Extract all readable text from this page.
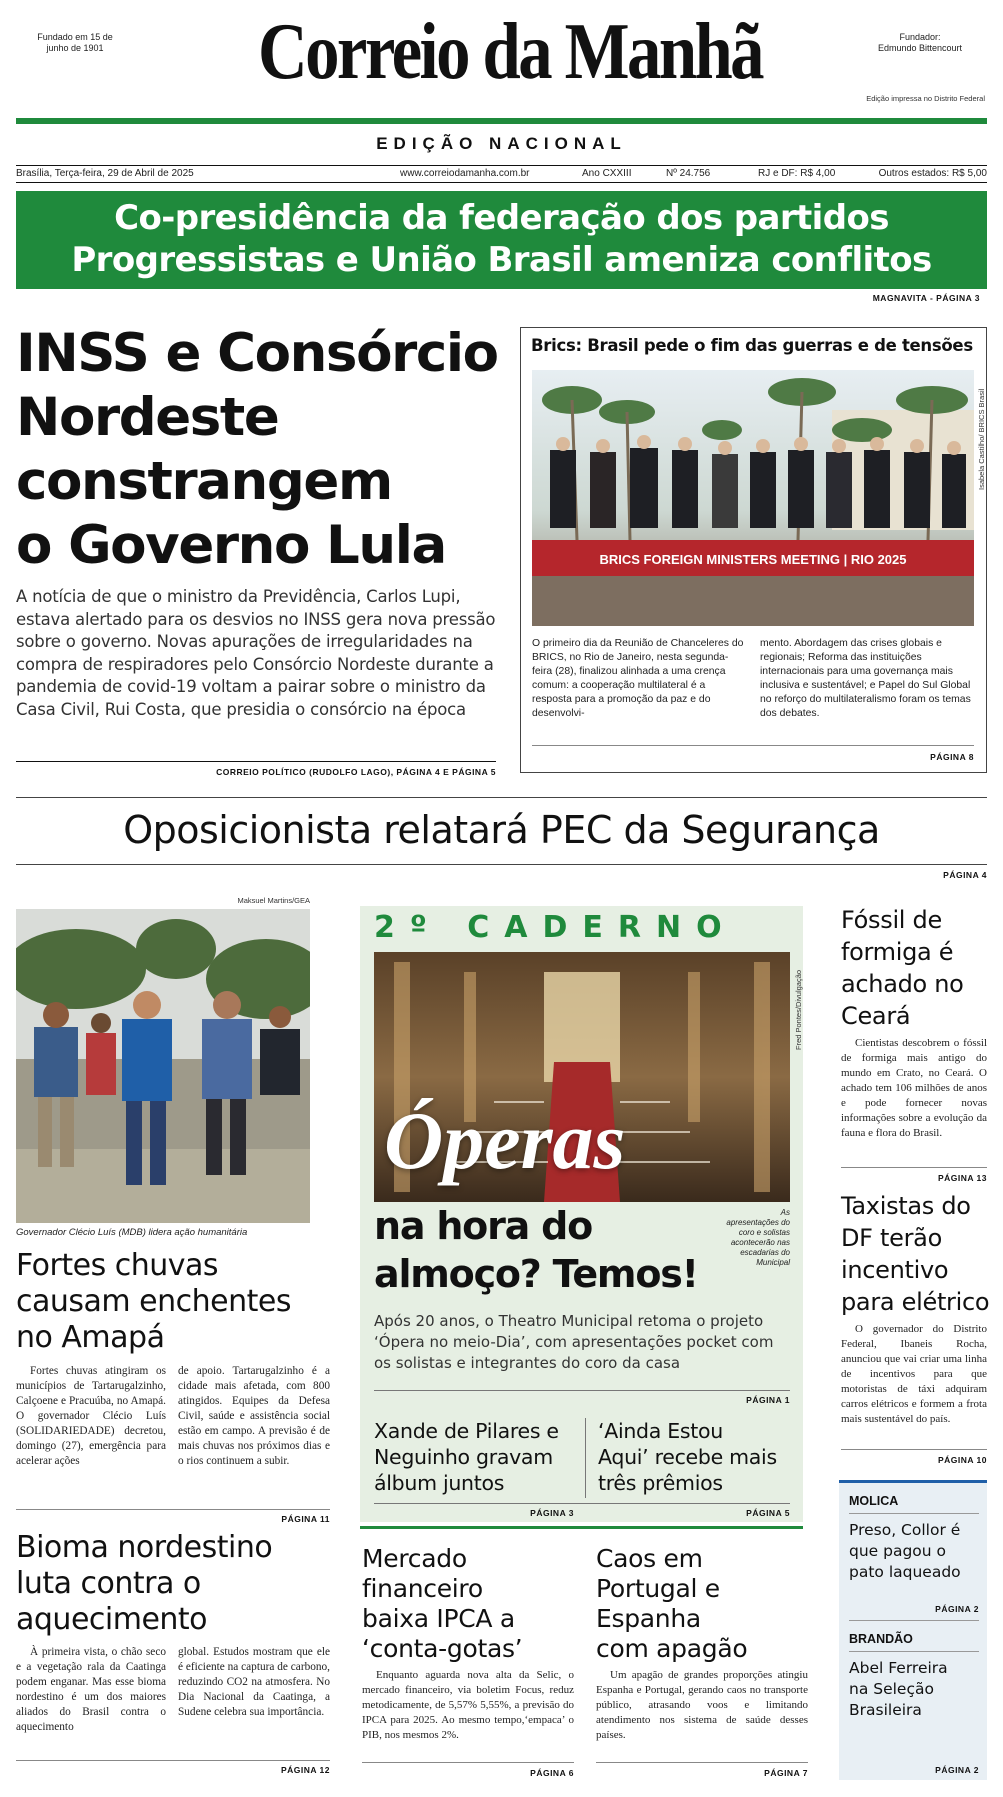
Fundado em 15 de junho de 1901	Correio da Manhã	Fundador:
Edmundo Bittencourt
Edição impressa no Distrito Federal
EDIÇÃO NACIONAL
Brasília, Terça-feira, 29 de Abril de 2025	www.correiodamanha.com.br	Ano CXXIII	Nº 24.756	RJ e DF: R$ 4,00	Outros estados: R$ 5,00
Co-presidência da federação dos partidos
Progressistas e União Brasil ameniza conflitos
MAGNAVITA - PÁGINA 3
INSS e Consórcio
Nordeste
constrangem
o Governo Lula
A notícia de que o ministro da Previdência, Carlos Lupi, estava alertado para os desvios no INSS gera nova pressão sobre o governo. Novas apurações de irregularidades na compra de respiradores pelo Consórcio Nordeste durante a pandemia de covid-19 voltam a pairar sobre o ministro da Casa Civil, Rui Costa, que presidia o consórcio na época
CORREIO POLÍTICO (RUDOLFO LAGO), PÁGINA 4 E PÁGINA 5
Brics: Brasil pede o fim das guerras e de tensões
BRICS FOREIGN MINISTERS MEETING | RIO 2025
Isabela Castilho/ BRICS Brasil
O primeiro dia da Reunião de Chanceleres do BRICS, no Rio de Janeiro, nesta segunda-feira (28), finalizou alinhada a uma crença comum: a cooperação multilateral é a resposta para a promoção da paz e do desenvolvi-
mento. Abordagem das crises globais e regionais; Reforma das instituições internacionais para uma governança mais inclusiva e sustentável; e Papel do Sul Global no reforço do multilateralismo foram os temas dos debates.
PÁGINA 8
Oposicionista relatará PEC da Segurança
PÁGINA 4
Maksuel Martins/GEA
Governador Clécio Luís (MDB) lidera ação humanitária
Fortes chuvas
causam enchentes
no Amapá
Fortes chuvas atingiram os municípios de Tartarugalzinho, Calçoene e Pracuúba, no Amapá. O governador Clécio Luís (SOLIDARIEDADE) decretou, domingo (27), emergência para acelerar ações
de apoio. Tartarugalzinho é a cidade mais afetada, com 800 atingidos. Equipes da Defesa Civil, saúde e assistência social estão em campo. A previsão é de mais chuvas nos próximos dias e o rios continuem a subir.
PÁGINA 11
Bioma nordestino
luta contra o
aquecimento
À primeira vista, o chão seco e a vegetação rala da Caatinga podem enganar. Mas esse bioma nordestino é um dos maiores aliados do Brasil contra o aquecimento
global. Estudos mostram que ele é eficiente na captura de carbono, reduzindo CO2 na atmosfera. No Dia Nacional da Caatinga, a Sudene celebra sua importância.
PÁGINA 12
2º CADERNO
Óperas
Fred Pontes/Divulgação
na hora do
almoço? Temos!
As apresentações do coro e solistas acontecerão nas escadarias do Municipal
Após 20 anos, o Theatro Municipal retoma o projeto ‘Ópera no meio-Dia’, com apresentações pocket com os solistas e integrantes do coro da casa
PÁGINA 1
Xande de Pilares e
Neguinho gravam
álbum juntos
‘Ainda Estou
Aqui’ recebe mais
três prêmios
PÁGINA 3	PÁGINA 5
Mercado
financeiro
baixa IPCA a
‘conta-gotas’
Enquanto aguarda nova alta da Selic, o mercado financeiro, via boletim Focus, reduz metodicamente, de 5,57% 5,55%, a previsão do IPCA para 2025. Ao mesmo tempo,‘empaca’ o PIB, nos mesmos 2%.
PÁGINA 6
Caos em
Portugal e
Espanha
com apagão
Um apagão de grandes proporções atingiu Espanha e Portugal, gerando caos no transporte público, atrasando voos e limitando atendimento nos sistema de saúde desses países.
PÁGINA 7
Fóssil de
formiga é
achado no
Ceará
Cientistas descobrem o fóssil de formiga mais antigo do mundo em Crato, no Ceará. O achado tem 106 milhões de anos e pode fornecer novas informações sobre a evolução da fauna e flora do Brasil.
PÁGINA 13
Taxistas do
DF terão
incentivo
para elétrico
O governador do Distrito Federal, Ibaneis Rocha, anunciou que vai criar uma linha de incentivos para que motoristas de táxi adquiram carros elétricos e formem a frota mais sustentável do país.
PÁGINA 10
MOLICA
Preso, Collor é
que pagou o
pato laqueado
PÁGINA 2
BRANDÃO
Abel Ferreira
na Seleção
Brasileira
PÁGINA 2
